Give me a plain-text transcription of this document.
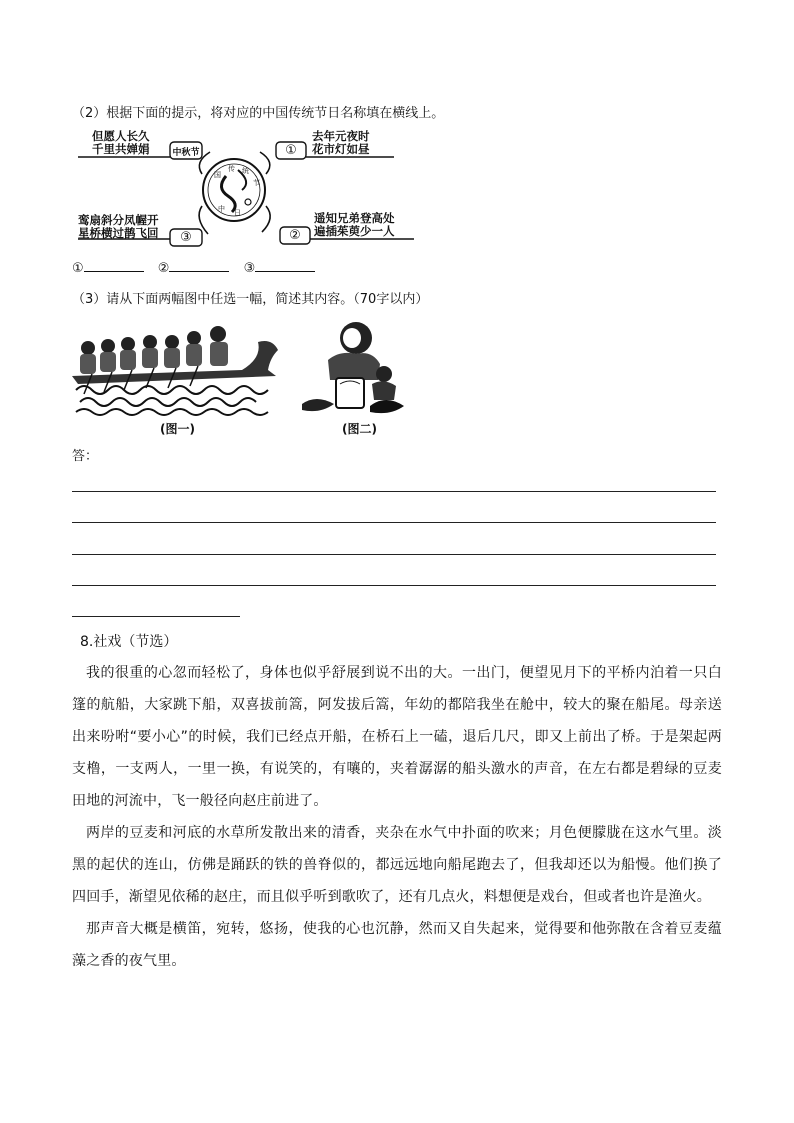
（2）根据下面的提示，将对应的中国传统节日名称填在横线上。
国
传 统
节
中 日
但愿人长久
千里共婵娟	中秋节	①
去年元夜时
花市灯如昼
鸾扇斜分凤幄开
星桥横过鹊飞回	③	②
遥知兄弟登高处
遍插茱萸少一人
①	②	③
（3）请从下面两幅图中任选一幅，简述其内容。（70字以内）
(图一)	(图二)
答：
8.社戏（节选）
我的很重的心忽而轻松了，身体也似乎舒展到说不出的大。一出门，便望见月下的平桥内泊着一只白篷的航船，大家跳下船，双喜拔前篙，阿发拔后篙，年幼的都陪我坐在舱中，较大的聚在船尾。母亲送出来吩咐“要小心”的时候，我们已经点开船，在桥石上一磕，退后几尺，即又上前出了桥。于是架起两支橹，一支两人，一里一换，有说笑的，有嚷的，夹着潺潺的船头激水的声音，在左右都是碧绿的豆麦田地的河流中，飞一般径向赵庄前进了。
两岸的豆麦和河底的水草所发散出来的清香，夹杂在水气中扑面的吹来；月色便朦胧在这水气里。淡黑的起伏的连山，仿佛是踊跃的铁的兽脊似的，都远远地向船尾跑去了，但我却还以为船慢。他们换了四回手，渐望见依稀的赵庄，而且似乎听到歌吹了，还有几点火，料想便是戏台，但或者也许是渔火。
那声音大概是横笛，宛转，悠扬，使我的心也沉静，然而又自失起来，觉得要和他弥散在含着豆麦蕴藻之香的夜气里。
